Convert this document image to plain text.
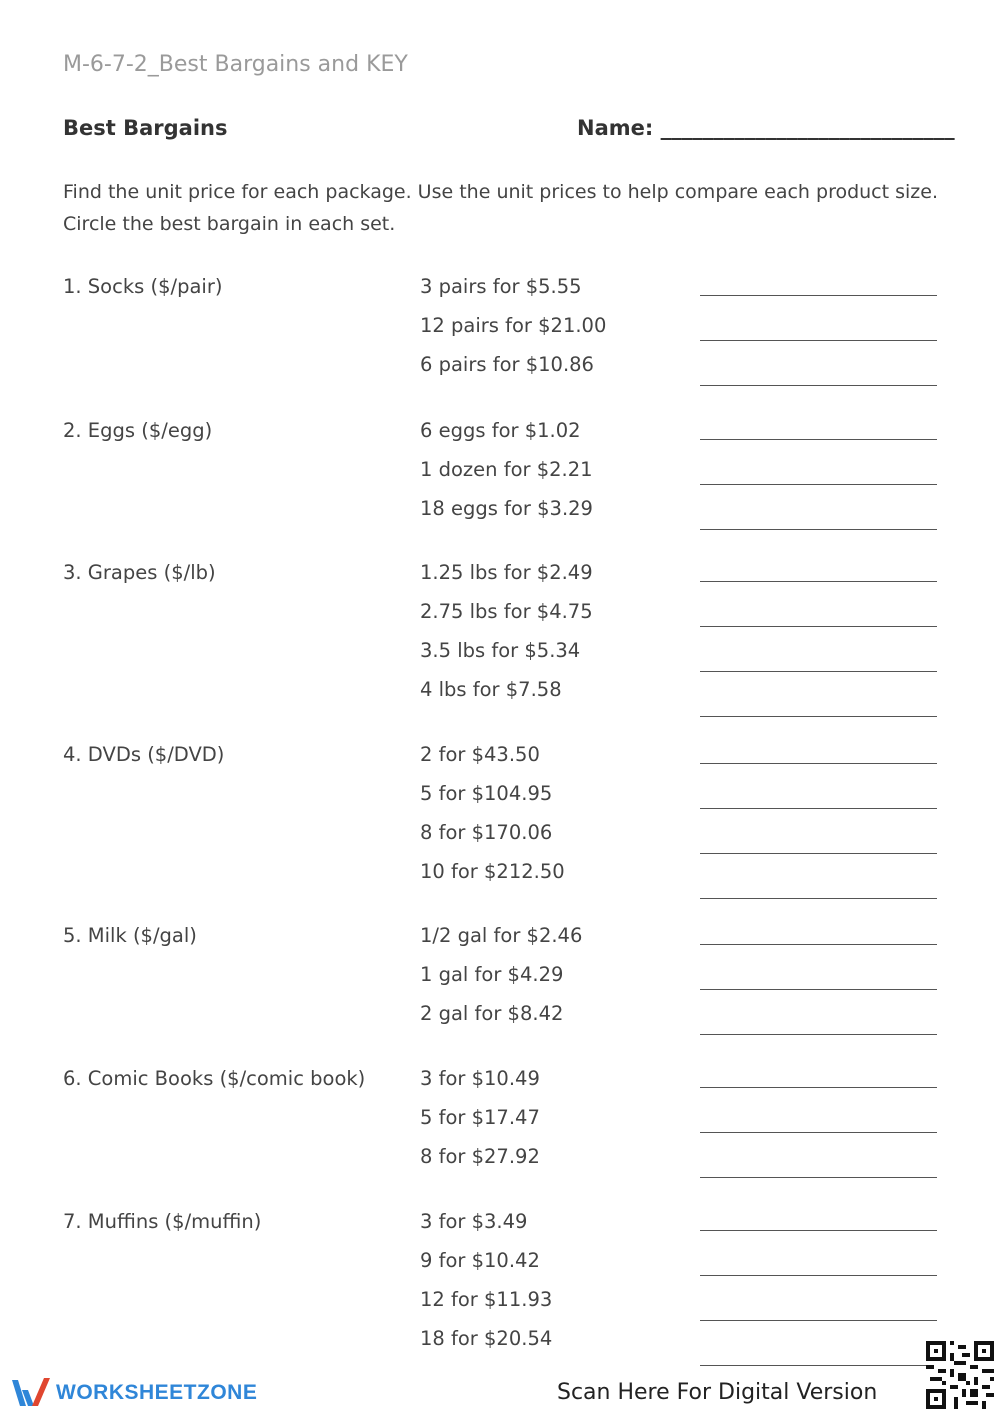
M-6-7-2_Best Bargains and KEY
Best Bargains	Name: ____________________________
Find the unit price for each package. Use the unit prices to help compare each product size. Circle the best bargain in each set.
1. Socks ($/pair)	3 pairs for $5.55
12 pairs for $21.00
6 pairs for $10.86
2. Eggs ($/egg)	6 eggs for $1.02
1 dozen for $2.21
18 eggs for $3.29
3. Grapes ($/lb)	1.25 lbs for $2.49
2.75 lbs for $4.75
3.5 lbs for $5.34
4 lbs for $7.58
4. DVDs ($/DVD)	2 for $43.50
5 for $104.95
8 for $170.06
10 for $212.50
5. Milk ($/gal)	1/2 gal for $2.46
1 gal for $4.29
2 gal for $8.42
6. Comic Books ($/comic book)	3 for $10.49
5 for $17.47
8 for $27.92
7. Muffins ($/muffin)	3 for $3.49
9 for $10.42
12 for $11.93
18 for $20.54
WORKSHEETZONE	Scan Here For Digital Version
